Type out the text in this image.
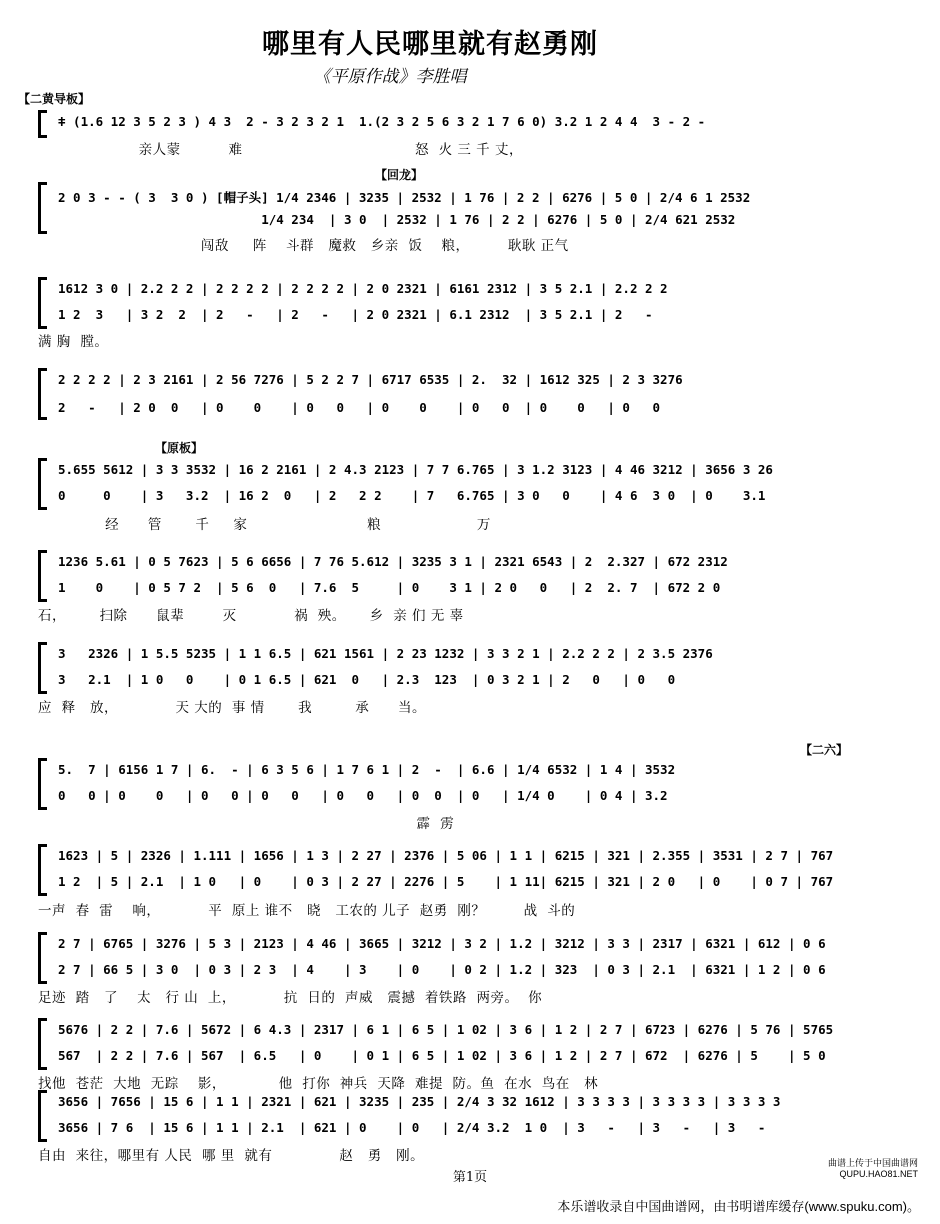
哪里有人民哪里就有赵勇刚
《平原作战》李胜唱
【二黄导板】
【回龙】
【原板】
【二六】
ǂ (1.6 12 3 5 2 3 ) 4 3  2 - 3 2 3 2 1  1.(2 3 2 5 6 3 2 1 7 6 0) 3.2 1 2 4 4  3 - 2 -
亲人蒙          难                                    怒  火 三 千 丈，
2 0 3 - - ( 3  3 0 ) [帽子头] 1/4 2346 | 3235 | 2532 | 1 76 | 2 2 | 6276 | 5 0 | 2/4 6 1 2532
1/4 234  | 3 0  | 2532 | 1 76 | 2 2 | 6276 | 5 0 | 2/4 621 2532
闯敌     阵    斗群   魔救   乡亲  饭    粮，        耿耿 正气
1612 3 0 | 2.2 2 2 | 2 2 2 2 | 2 2 2 2 | 2 0 2321 | 6161 2312 | 3 5 2.1 | 2.2 2 2
1 2  3   | 3 2  2  | 2   -   | 2   -   | 2 0 2321 | 6.1 2312  | 3 5 2.1 | 2   -
满 胸  膛。
2 2 2 2 | 2 3 2161 | 2 56 7276 | 5 2 2 7 | 6717 6535 | 2.  32 | 1612 325 | 2 3 3276
2   -   | 2 0  0   | 0    0    | 0   0   | 0    0    | 0   0  | 0    0   | 0   0
5.655 5612 | 3 3 3532 | 16 2 2161 | 2 4.3 2123 | 7 7 6.765 | 3 1.2 3123 | 4 46 3212 | 3656 3 26
0     0    | 3   3.2  | 16 2  0   | 2   2 2    | 7   6.765 | 3 0   0    | 4 6  3 0  | 0    3.1
经      管       千     家                         粮                    万
1236 5.61 | 0 5 7623 | 5 6 6656 | 7 76 5.612 | 3235 3 1 | 2321 6543 | 2  2.327 | 672 2312
1    0    | 0 5 7 2  | 5 6  0   | 7.6  5     | 0    3 1 | 2 0   0   | 2  2. 7  | 672 2 0
石，       扫除      鼠辈        灭            祸  殃。     乡  亲 们 无 辜
3   2326 | 1 5.5 5235 | 1 1 6.5 | 621 1561 | 2 23 1232 | 3 3 2 1 | 2.2 2 2 | 2 3.5 2376
3   2.1  | 1 0   0    | 0 1 6.5 | 621  0   | 2.3  123  | 0 3 2 1 | 2   0   | 0   0
应  释   放，            天 大的  事 情       我         承      当。
5.  7 | 6156 1 7 | 6.  - | 6 3 5 6 | 1 7 6 1 | 2  -  | 6.6 | 1/4 6532 | 1 4 | 3532
0   0 | 0    0   | 0   0 | 0   0   | 0   0   | 0  0  | 0   | 1/4 0    | 0 4 | 3.2
霹  雳
1623 | 5 | 2326 | 1.111 | 1656 | 1 3 | 2 27 | 2376 | 5 06 | 1 1 | 6215 | 321 | 2.355 | 3531 | 2 7 | 767
1 2  | 5 | 2.1  | 1 0   | 0    | 0 3 | 2 27 | 2276 | 5    | 1 11| 6215 | 321 | 2 0   | 0    | 0 7 | 767
一声  春  雷    响，          平  原上 谁不   晓   工农的 儿子  赵勇  刚？        战  斗的
2 7 | 6765 | 3276 | 5 3 | 2123 | 4 46 | 3665 | 3212 | 3 2 | 1.2 | 3212 | 3 3 | 2317 | 6321 | 612 | 0 6
2 7 | 66 5 | 3 0  | 0 3 | 2 3  | 4    | 3    | 0    | 0 2 | 1.2 | 323  | 0 3 | 2.1  | 6321 | 1 2 | 0 6
足迹  踏   了    太   行 山  上，          抗  日的  声威   震撼  着铁路  两旁。  你
5676 | 2 2 | 7.6 | 5672 | 6 4.3 | 2317 | 6 1 | 6 5 | 1 02 | 3 6 | 1 2 | 2 7 | 6723 | 6276 | 5 76 | 5765
567  | 2 2 | 7.6 | 567  | 6.5   | 0    | 0 1 | 6 5 | 1 02 | 3 6 | 1 2 | 2 7 | 672  | 6276 | 5    | 5 0
找他  苍茫  大地  无踪    影，           他  打你  神兵  天降  难提  防。鱼  在水  鸟在   林
3656 | 7656 | 15 6 | 1 1 | 2321 | 621 | 3235 | 235 | 2/4 3 32 1612 | 3 3 3 3 | 3 3 3 3 | 3 3 3 3
3656 | 7 6  | 15 6 | 1 1 | 2.1  | 621 | 0    | 0   | 2/4 3.2  1 0  | 3   -   | 3   -   | 3   -
自由  来往，哪里有 人民  哪 里  就有              赵   勇   刚。	曲谱上传于中国曲谱网
QUPU.HAO81.NET
第1页
本乐谱收录自中国曲谱网，由书明谱库缓存(www.spuku.com)。
